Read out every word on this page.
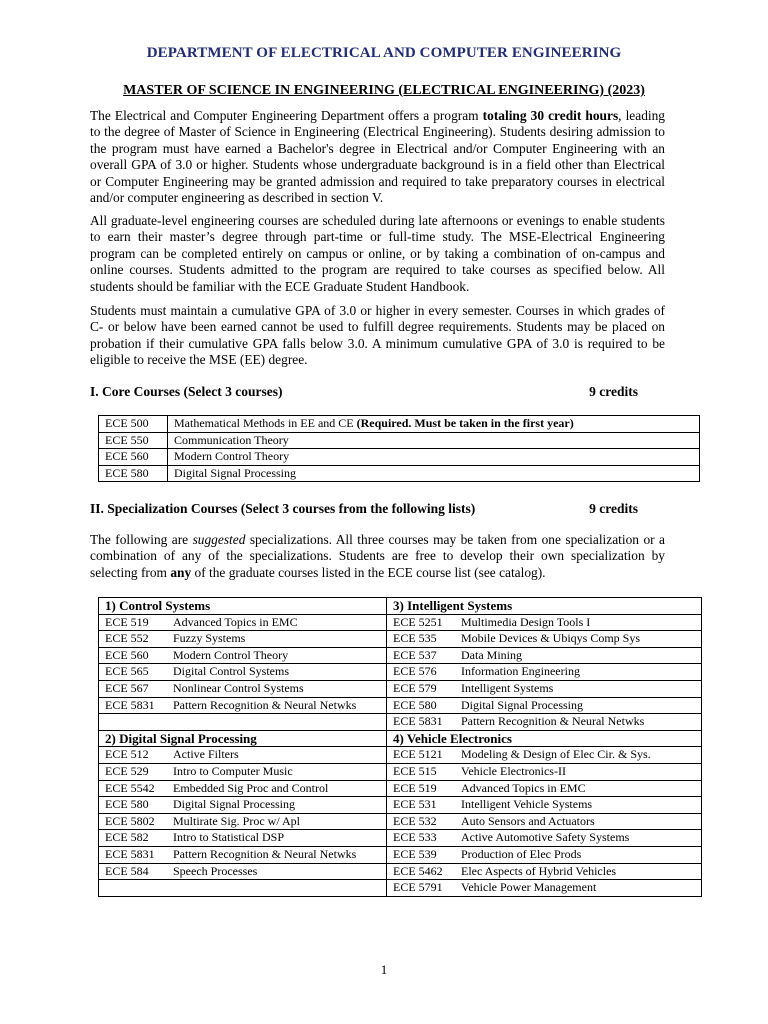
DEPARTMENT OF ELECTRICAL AND COMPUTER ENGINEERING
MASTER OF SCIENCE IN ENGINEERING (ELECTRICAL ENGINEERING) (2023)

The Electrical and Computer Engineering Department offers a program totaling 30 credit hours, leading to the degree of Master of Science in Engineering (Electrical Engineering). Students desiring admission to the program must have earned a Bachelor's degree in Electrical and/or Computer Engineering with an overall GPA of 3.0 or higher. Students whose undergraduate background is in a field other than Electrical or Computer Engineering may be granted admission and required to take preparatory courses in electrical and/or computer engineering as described in section V.

All graduate-level engineering courses are scheduled during late afternoons or evenings to enable students to earn their master’s degree through part-time or full-time study. The MSE-Electrical Engineering program can be completed entirely on campus or online, or by taking a combination of on-campus and online courses. Students admitted to the program are required to take courses as specified below. All students should be familiar with the ECE Graduate Student Handbook.

Students must maintain a cumulative GPA of 3.0 or higher in every semester. Courses in which grades of C- or below have been earned cannot be used to fulfill degree requirements. Students may be placed on probation if their cumulative GPA falls below 3.0. A minimum cumulative GPA of 3.0 is required to be eligible to receive the MSE (EE) degree.

I. Core Courses (Select 3 courses)	9 credits
ECE 500	Mathematical Methods in EE and CE (Required. Must be taken in the first year)
ECE 550	Communication Theory
ECE 560	Modern Control Theory
ECE 580	Digital Signal Processing
II. Specialization Courses (Select 3 courses from the following lists)	9 credits

The following are suggested specializations. All three courses may be taken from one specialization or a combination of any of the specializations. Students are free to develop their own specialization by selecting from any of the graduate courses listed in the ECE course list (see catalog).

1) Control Systems
ECE 519	Advanced Topics in EMC
ECE 552	Fuzzy Systems
ECE 560	Modern Control Theory
ECE 565	Digital Control Systems
ECE 567	Nonlinear Control Systems
ECE 5831	Pattern Recognition & Neural Netwks
3) Intelligent Systems
ECE 5251	Multimedia Design Tools I
ECE 535	Mobile Devices & Ubiqys Comp Sys
ECE 537	Data Mining
ECE 576	Information Engineering
ECE 579	Intelligent Systems
ECE 580	Digital Signal Processing
ECE 5831	Pattern Recognition & Neural Netwks
2) Digital Signal Processing
ECE 512	Active Filters
ECE 529	Intro to Computer Music
ECE 5542	Embedded Sig Proc and Control
ECE 580	Digital Signal Processing
ECE 5802	Multirate Sig. Proc w/ Apl
ECE 582	Intro to Statistical DSP
ECE 5831	Pattern Recognition & Neural Netwks
ECE 584	Speech Processes
4) Vehicle Electronics
ECE 5121	Modeling & Design of Elec Cir. & Sys.
ECE 515	Vehicle Electronics-II
ECE 519	Advanced Topics in EMC
ECE 531	Intelligent Vehicle Systems
ECE 532	Auto Sensors and Actuators
ECE 533	Active Automotive Safety Systems
ECE 539	Production of Elec Prods
ECE 5462	Elec Aspects of Hybrid Vehicles
ECE 5791	Vehicle Power Management
1
